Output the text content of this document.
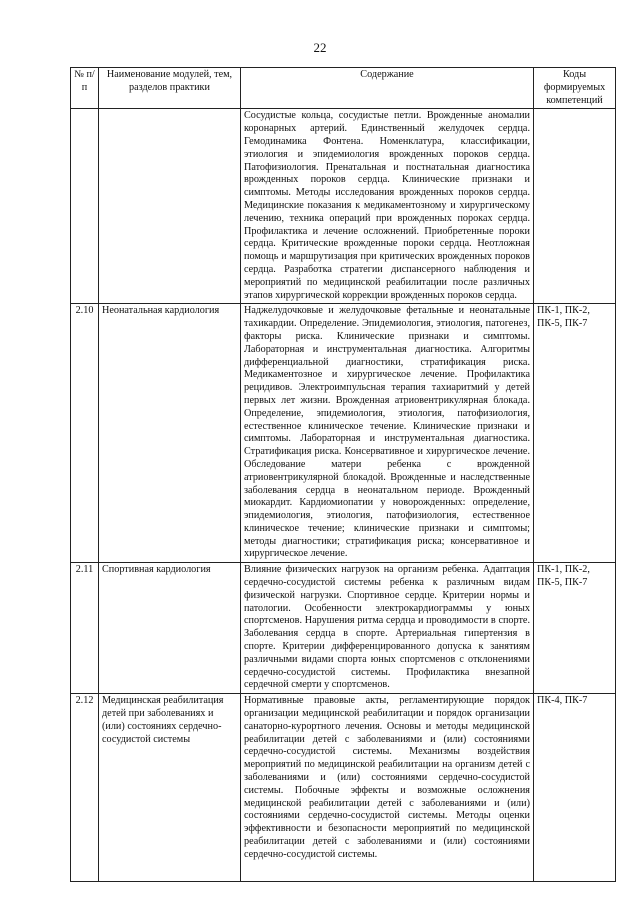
22
№ п/п	Наименование модулей, тем, разделов практики	Содержание	Коды формируемых компетенций
		Сосудистые кольца, сосудистые петли. Врожденные аномалии коронарных артерий. Единственный желудочек сердца. Гемодинамика Фонтена. Номенклатура, классификации, этиология и эпидемиология врожденных пороков сердца. Патофизиология. Пренатальная и постнатальная диагностика врожденных пороков сердца. Клинические признаки и симптомы. Методы исследования врожденных пороков сердца. Медицинские показания к медикаментозному и хирургическому лечению, техника операций при врожденных пороках сердца. Профилактика и лечение осложнений. Приобретенные пороки сердца. Критические врожденные пороки сердца. Неотложная помощь и маршрутизация при критических врожденных пороков сердца. Разработка стратегии диспансерного наблюдения и мероприятий по медицинской реабилитации после различных этапов хирургической коррекции врожденных пороков сердца.	
2.10	Неонатальная кардиология	Наджелудочковые и желудочковые фетальные и неонатальные тахикардии. Определение. Эпидемиология, этиология, патогенез, факторы риска. Клинические признаки и симптомы. Лабораторная и инструментальная диагностика. Алгоритмы дифференциальной диагностики, стратификация риска. Медикаментозное и хирургическое лечение. Профилактика рецидивов. Электроимпульсная терапия тахиаритмий у детей первых лет жизни. Врожденная атриовентрикулярная блокада. Определение, эпидемиология, этиология, патофизиология, естественное клиническое течение. Клинические признаки и симптомы. Лабораторная и инструментальная диагностика. Стратификация риска. Консервативное и хирургическое лечение. Обследование матери ребенка с врожденной атриовентрикулярной блокадой. Врожденные и наследственные заболевания сердца в неонатальном периоде. Врожденный миокардит. Кардиомиопатии у новорожденных: определение, эпидемиология, этиология, патофизиология, естественное клиническое течение; клинические признаки и симптомы; методы диагностики; стратификация риска; консервативное и хирургическое лечение.	ПК-1, ПК-2, ПК-5, ПК-7
2.11	Спортивная кардиология	Влияние физических нагрузок на организм ребенка. Адаптация сердечно-сосудистой системы ребенка к различным видам физической нагрузки. Спортивное сердце. Критерии нормы и патологии. Особенности электрокардиограммы у юных спортсменов. Нарушения ритма сердца и проводимости в спорте. Заболевания сердца в спорте. Артериальная гипертензия в спорте. Критерии дифференцированного допуска к занятиям различными видами спорта юных спортсменов с отклонениями сердечно-сосудистой системы. Профилактика внезапной сердечной смерти у спортсменов.	ПК-1, ПК-2, ПК-5, ПК-7
2.12	Медицинская реабилитация детей при заболеваниях и (или) состояниях сердечно-сосудистой системы	Нормативные правовые акты, регламентирующие порядок организации медицинской реабилитации и порядок организации санаторно-курортного лечения. Основы и методы медицинской реабилитации детей с заболеваниями и (или) состояниями сердечно-сосудистой системы. Механизмы воздействия мероприятий по медицинской реабилитации на организм детей с заболеваниями и (или) состояниями сердечно-сосудистой системы. Побочные эффекты и возможные осложнения медицинской реабилитации детей с заболеваниями и (или) состояниями сердечно-сосудистой системы. Методы оценки эффективности и безопасности мероприятий по медицинской реабилитации детей с заболеваниями и (или) состояниями сердечно-сосудистой системы.	ПК-4, ПК-7
